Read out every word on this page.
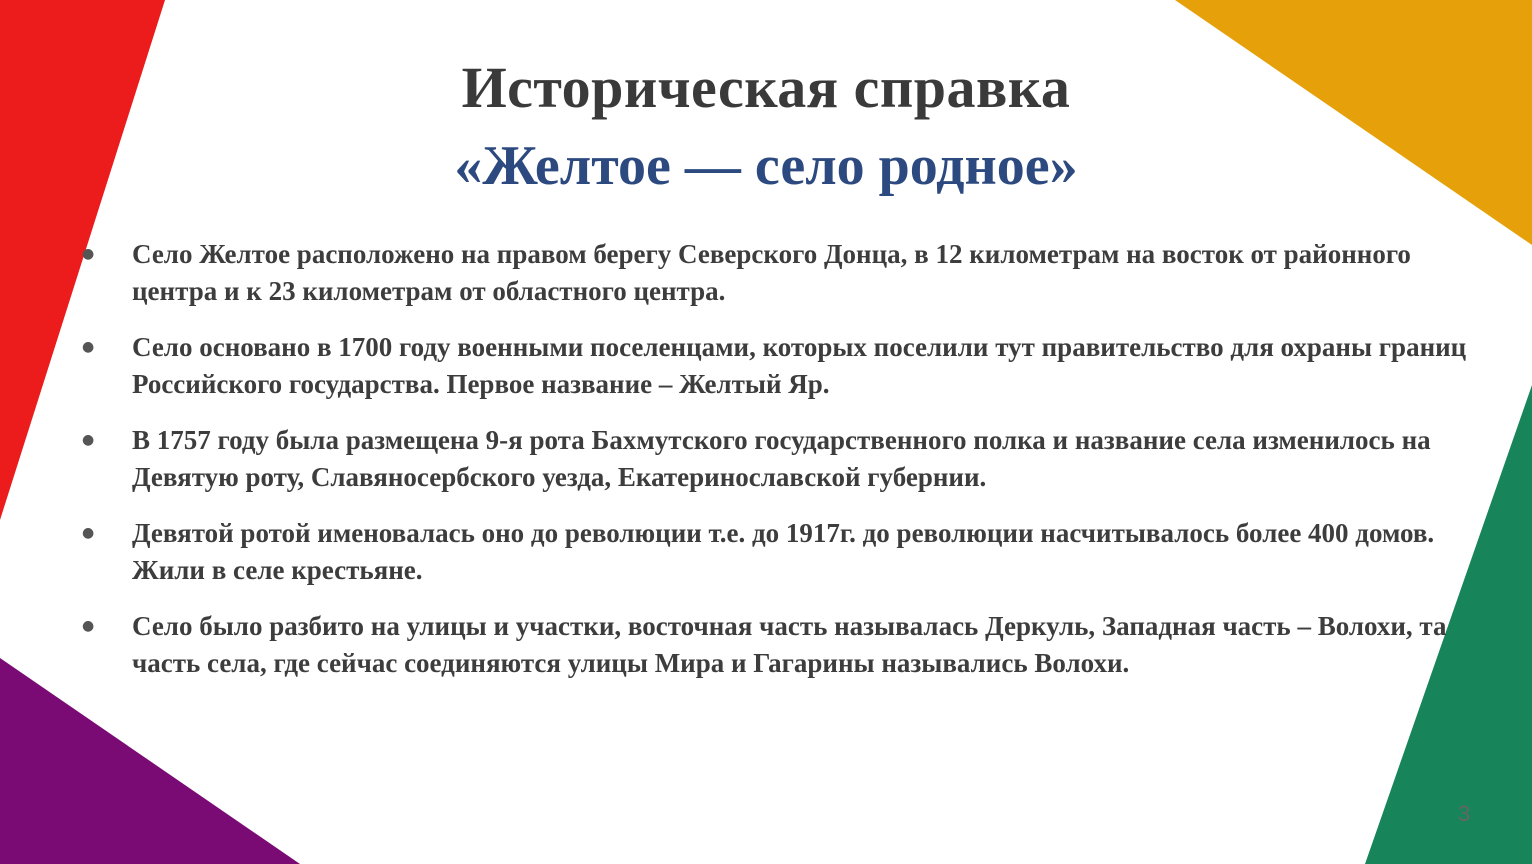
Историческая справка
«Желтое — село родное»
● Село Желтое расположено на правом берегу Северского Донца, в 12 километрам на восток от районного центра и к 23 километрам от областного центра.
● Село основано в 1700 году военными поселенцами, которых поселили тут правительство для охраны границ Российского государства. Первое название – Желтый Яр.
● В 1757 году была размещена 9-я рота Бахмутского государственного полка и название села изменилось на Девятую роту, Славяносербского уезда, Екатеринославской губернии.
● Девятой ротой именовалась оно до революции т.е. до 1917г. до революции насчитывалось более 400 домов. Жили в селе крестьяне.
● Село было разбито на улицы и участки, восточная часть называлась Деркуль, Западная часть – Волохи, та часть села, где сейчас соединяются улицы Мира и Гагарины назывались Волохи.
3
